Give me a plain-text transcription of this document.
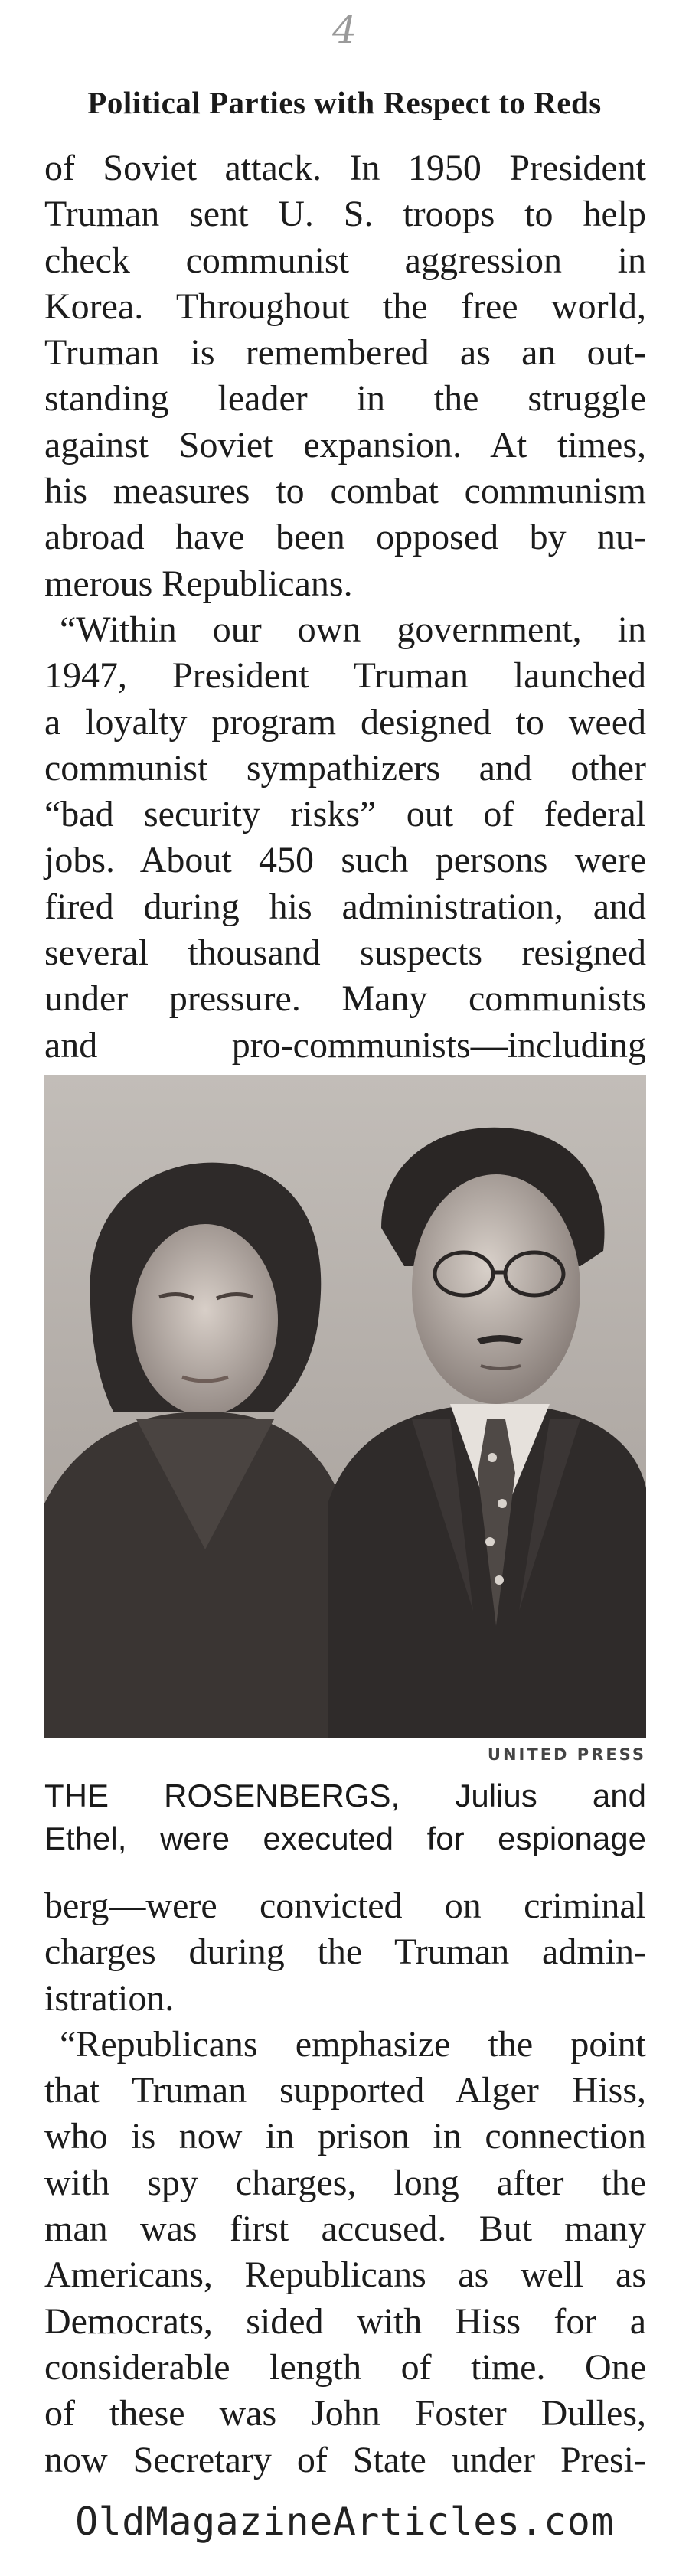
4
Political Parties with Respect to Reds
of Soviet attack. In 1950 President
Truman sent U. S. troops to help
check communist aggression in
Korea. Throughout the free world,
Truman is remembered as an out-
standing leader in the struggle
against Soviet expansion. At times,
his measures to combat communism
abroad have been opposed by nu-
merous Republicans.
“Within our own government, in
1947, President Truman launched
a loyalty program designed to weed
communist sympathizers and other
“bad security risks” out of federal
jobs. About 450 such persons were
fired during his administration, and
several thousand suspects resigned
under pressure. Many communists
and pro-communists—including
UNITED PRESS
THE ROSENBERGS, Julius and
Ethel, were executed for espionage
berg—were convicted on criminal
charges during the Truman admin-
istration.
“Republicans emphasize the point
that Truman supported Alger Hiss,
who is now in prison in connection
with spy charges, long after the
man was first accused. But many
Americans, Republicans as well as
Democrats, sided with Hiss for a
considerable length of time. One
of these was John Foster Dulles,
now Secretary of State under Presi-
OldMagazineArticles.com
